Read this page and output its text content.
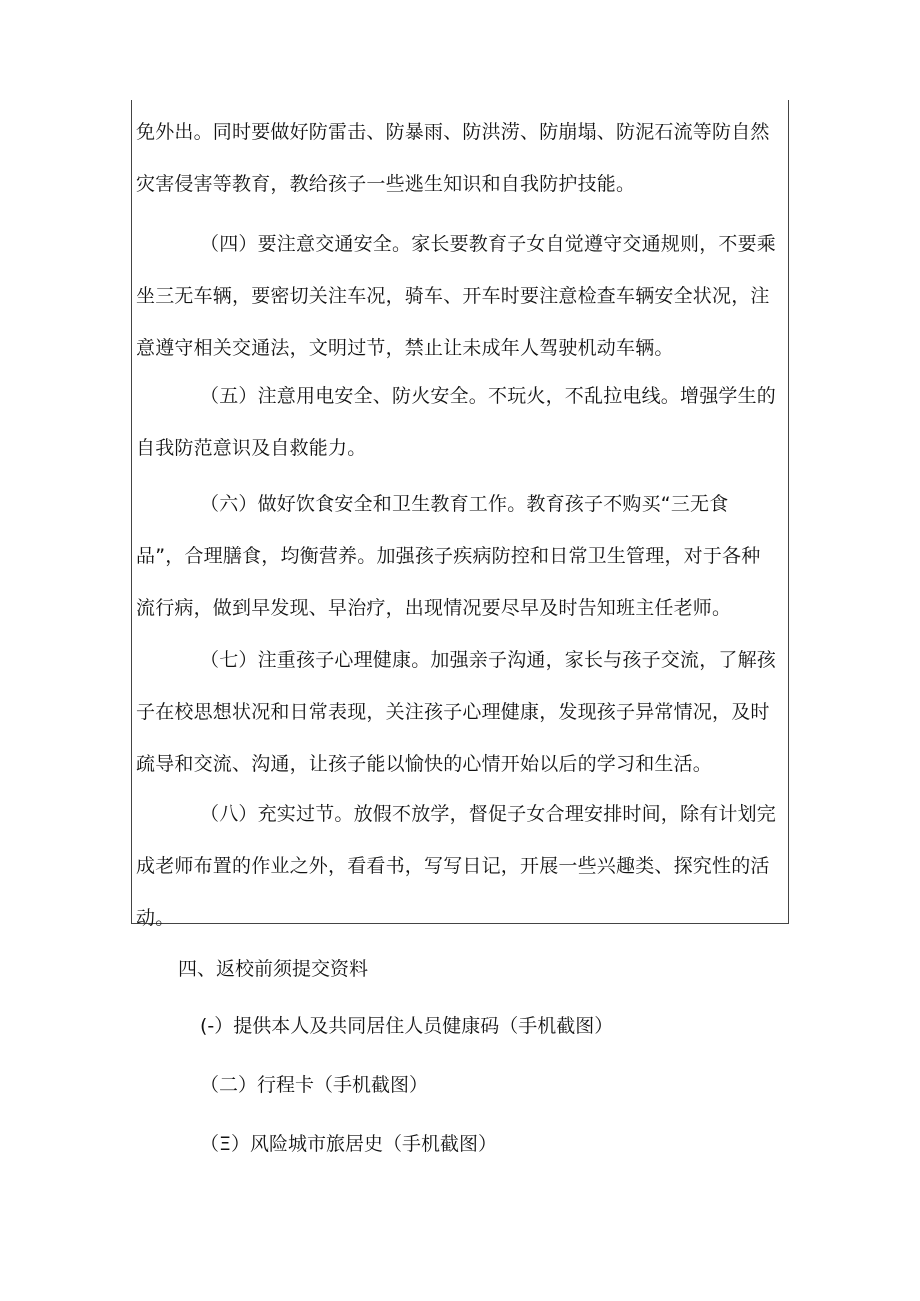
免外出。同时要做好防雷击、防暴雨、防洪涝、防崩塌、防泥石流等防自然
灾害侵害等教育，教给孩子一些逃生知识和自我防护技能。
（四）要注意交通安全。家长要教育子女自觉遵守交通规则，不要乘
坐三无车辆，要密切关注车况，骑车、开车时要注意检查车辆安全状况，注
意遵守相关交通法，文明过节，禁止让未成年人驾驶机动车辆。
（五）注意用电安全、防火安全。不玩火，不乱拉电线。增强学生的
自我防范意识及自救能力。
（六）做好饮食安全和卫生教育工作。教育孩子不购买“三无食
品”，合理膳食，均衡营养。加强孩子疾病防控和日常卫生管理，对于各种
流行病，做到早发现、早治疗，出现情况要尽早及时告知班主任老师。
（七）注重孩子心理健康。加强亲子沟通，家长与孩子交流，了解孩
子在校思想状况和日常表现，关注孩子心理健康，发现孩子异常情况，及时
疏导和交流、沟通，让孩子能以愉快的心情开始以后的学习和生活。
（八）充实过节。放假不放学，督促子女合理安排时间，除有计划完
成老师布置的作业之外，看看书，写写日记，开展一些兴趣类、探究性的活
动。
四、返校前须提交资料
(-）提供本人及共同居住人员健康码（手机截图）
（二）行程卡（手机截图）
（Ξ）风险城市旅居史（手机截图）
